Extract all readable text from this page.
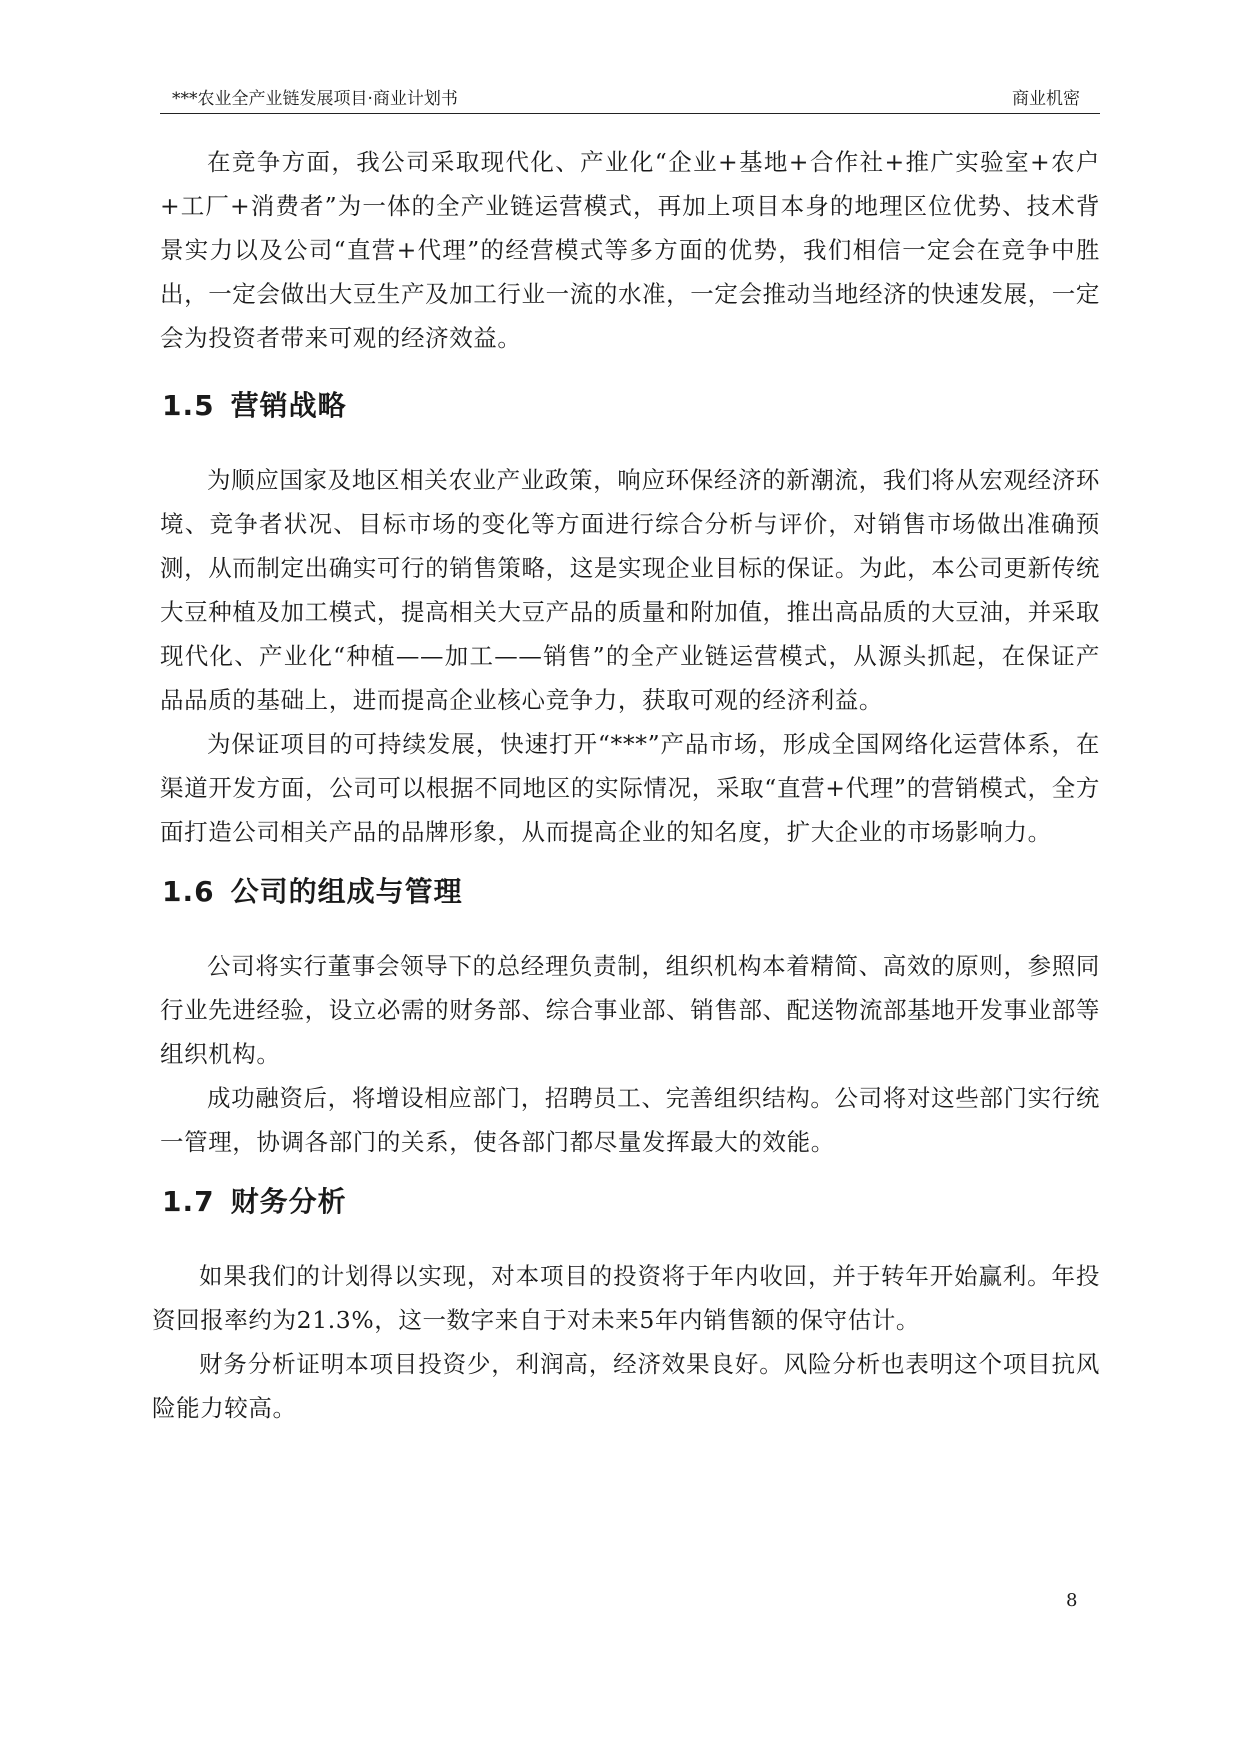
***农业全产业链发展项目·商业计划书	商业机密

在竞争方面，我公司采取现代化、产业化“企业+基地+合作社+推广实验室+农户+工厂+消费者”为一体的全产业链运营模式，再加上项目本身的地理区位优势、技术背景实力以及公司“直营+代理”的经营模式等多方面的优势，我们相信一定会在竞争中胜出，一定会做出大豆生产及加工行业一流的水准，一定会推动当地经济的快速发展，一定会为投资者带来可观的经济效益。

1.5 营销战略

为顺应国家及地区相关农业产业政策，响应环保经济的新潮流，我们将从宏观经济环境、竞争者状况、目标市场的变化等方面进行综合分析与评价，对销售市场做出准确预测，从而制定出确实可行的销售策略，这是实现企业目标的保证。为此，本公司更新传统大豆种植及加工模式，提高相关大豆产品的质量和附加值，推出高品质的大豆油，并采取现代化、产业化“种植——加工——销售”的全产业链运营模式，从源头抓起，在保证产品品质的基础上，进而提高企业核心竞争力，获取可观的经济利益。

为保证项目的可持续发展，快速打开“***”产品市场，形成全国网络化运营体系，在渠道开发方面，公司可以根据不同地区的实际情况，采取“直营+代理”的营销模式，全方面打造公司相关产品的品牌形象，从而提高企业的知名度，扩大企业的市场影响力。

1.6 公司的组成与管理

公司将实行董事会领导下的总经理负责制，组织机构本着精简、高效的原则，参照同行业先进经验，设立必需的财务部、综合事业部、销售部、配送物流部基地开发事业部等组织机构。

成功融资后，将增设相应部门，招聘员工、完善组织结构。公司将对这些部门实行统一管理，协调各部门的关系，使各部门都尽量发挥最大的效能。

1.7 财务分析

如果我们的计划得以实现，对本项目的投资将于年内收回，并于转年开始赢利。年投资回报率约为21.3%，这一数字来自于对未来5年内销售额的保守估计。

财务分析证明本项目投资少，利润高，经济效果良好。风险分析也表明这个项目抗风险能力较高。

8
